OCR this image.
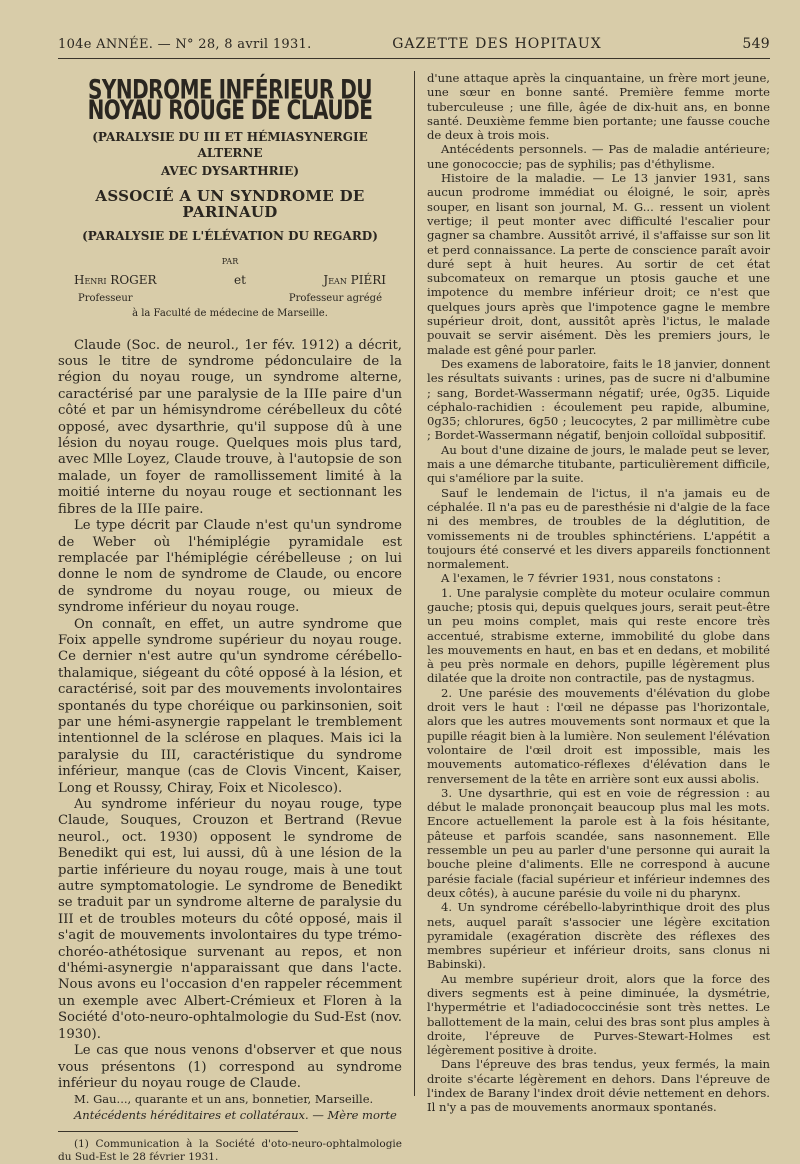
104e ANNÉE. — N° 28, 8 avril 1931.	GAZETTE DES HOPITAUX	549
SYNDROME INFÉRIEUR DU NOYAU ROUGE DE CLAUDE
(PARALYSIE DU III ET HÉMIASYNERGIE ALTERNE
AVEC DYSARTHRIE)
ASSOCIÉ A UN SYNDROME DE PARINAUD
(PARALYSIE DE L'ÉLÉVATION DU REGARD)
PAR
Henri ROGER	et	Jean PIÉRI
Professeur	Professeur agrégé
à la Faculté de médecine de Marseille.

Claude (Soc. de neurol., 1er fév. 1912) a décrit, sous le titre de syndrome pédonculaire de la région du noyau rouge, un syndrome alterne, caractérisé par une paralysie de la IIIe paire d'un côté et par un hémisyndrome cérébelleux du côté opposé, avec dysarthrie, qu'il suppose dû à une lésion du noyau rouge. Quelques mois plus tard, avec Mlle Loyez, Claude trouve, à l'autopsie de son malade, un foyer de ramollissement limité à la moitié interne du noyau rouge et sectionnant les fibres de la IIIe paire.

Le type décrit par Claude n'est qu'un syndrome de Weber où l'hémiplégie pyramidale est remplacée par l'hémiplégie cérébelleuse ; on lui donne le nom de syndrome de Claude, ou encore de syndrome du noyau rouge, ou mieux de syndrome inférieur du noyau rouge.

On connaît, en effet, un autre syndrome que Foix appelle syndrome supérieur du noyau rouge. Ce dernier n'est autre qu'un syndrome cérébello-thalamique, siégeant du côté opposé à la lésion, et caractérisé, soit par des mouvements involontaires spontanés du type choréique ou parkinsonien, soit par une hémi-asynergie rappelant le tremblement intentionnel de la sclérose en plaques. Mais ici la paralysie du III, caractéristique du syndrome inférieur, manque (cas de Clovis Vincent, Kaiser, Long et Roussy, Chiray, Foix et Nicolesco).

Au syndrome inférieur du noyau rouge, type Claude, Souques, Crouzon et Bertrand (Revue neurol., oct. 1930) opposent le syndrome de Benedikt qui est, lui aussi, dû à une lésion de la partie inférieure du noyau rouge, mais à une tout autre symptomatologie. Le syndrome de Benedikt se traduit par un syndrome alterne de paralysie du III et de troubles moteurs du côté opposé, mais il s'agit de mouvements involontaires du type trémo-choréo-athétosique survenant au repos, et non d'hémi-asynergie n'apparaissant que dans l'acte. Nous avons eu l'occasion d'en rappeler récemment un exemple avec Albert-Crémieux et Floren à la Société d'oto-neuro-ophtalmologie du Sud-Est (nov. 1930).

Le cas que nous venons d'observer et que nous vous présentons (1) correspond au syndrome inférieur du noyau rouge de Claude.

M. Gau..., quarante et un ans, bonnetier, Marseille.

Antécédents héréditaires et collatéraux. — Mère morte

(1) Communication à la Société d'oto-neuro-ophtalmologie du Sud-Est le 28 février 1931.

d'une attaque après la cinquantaine, un frère mort jeune, une sœur en bonne santé. Première femme morte tuberculeuse ; une fille, âgée de dix-huit ans, en bonne santé. Deuxième femme bien portante; une fausse couche de deux à trois mois.

Antécédents personnels. — Pas de maladie antérieure; une gonococcie; pas de syphilis; pas d'éthylisme.

Histoire de la maladie. — Le 13 janvier 1931, sans aucun prodrome immédiat ou éloigné, le soir, après souper, en lisant son journal, M. G... ressent un violent vertige; il peut monter avec difficulté l'escalier pour gagner sa chambre. Aussitôt arrivé, il s'affaisse sur son lit et perd connaissance. La perte de conscience paraît avoir duré sept à huit heures. Au sortir de cet état subcomateux on remarque un ptosis gauche et une impotence du membre inférieur droit; ce n'est que quelques jours après que l'impotence gagne le membre supérieur droit, dont, aussitôt après l'ictus, le malade pouvait se servir aisément. Dès les premiers jours, le malade est gêné pour parler.

Des examens de laboratoire, faits le 18 janvier, donnent les résultats suivants : urines, pas de sucre ni d'albumine ; sang, Bordet-Wassermann négatif; urée, 0g35. Liquide céphalo-rachidien : écoulement peu rapide, albumine, 0g35; chlorures, 6g50 ; leucocytes, 2 par millimètre cube ; Bordet-Wassermann négatif, benjoin colloïdal subpositif.

Au bout d'une dizaine de jours, le malade peut se lever, mais a une démarche titubante, particulièrement difficile, qui s'améliore par la suite.

Sauf le lendemain de l'ictus, il n'a jamais eu de céphalée. Il n'a pas eu de paresthésie ni d'algie de la face ni des membres, de troubles de la déglutition, de vomissements ni de troubles sphinctériens. L'appétit a toujours été conservé et les divers appareils fonctionnent normalement.

A l'examen, le 7 février 1931, nous constatons :

1. Une paralysie complète du moteur oculaire commun gauche; ptosis qui, depuis quelques jours, serait peut-être un peu moins complet, mais qui reste encore très accentué, strabisme externe, immobilité du globe dans les mouvements en haut, en bas et en dedans, et mobilité à peu près normale en dehors, pupille légèrement plus dilatée que la droite non contractile, pas de nystagmus.

2. Une parésie des mouvements d'élévation du globe droit vers le haut : l'œil ne dépasse pas l'horizontale, alors que les autres mouvements sont normaux et que la pupille réagit bien à la lumière. Non seulement l'élévation volontaire de l'œil droit est impossible, mais les mouvements automatico-réflexes d'élévation dans le renversement de la tête en arrière sont eux aussi abolis.

3. Une dysarthrie, qui est en voie de régression : au début le malade prononçait beaucoup plus mal les mots. Encore actuellement la parole est à la fois hésitante, pâteuse et parfois scandée, sans nasonnement. Elle ressemble un peu au parler d'une personne qui aurait la bouche pleine d'aliments. Elle ne correspond à aucune parésie faciale (facial supérieur et inférieur indemnes des deux côtés), à aucune parésie du voile ni du pharynx.

4. Un syndrome cérébello-labyrinthique droit des plus nets, auquel paraît s'associer une légère excitation pyramidale (exagération discrète des réflexes des membres supérieur et inférieur droits, sans clonus ni Babinski).

Au membre supérieur droit, alors que la force des divers segments est à peine diminuée, la dysmétrie, l'hypermétrie et l'adiadococcinésie sont très nettes. Le ballottement de la main, celui des bras sont plus amples à droite, l'épreuve de Purves-Stewart-Holmes est légèrement positive à droite.

Dans l'épreuve des bras tendus, yeux fermés, la main droite s'écarte légèrement en dehors. Dans l'épreuve de l'index de Barany l'index droit dévie nettement en dehors. Il n'y a pas de mouvements anormaux spontanés.
